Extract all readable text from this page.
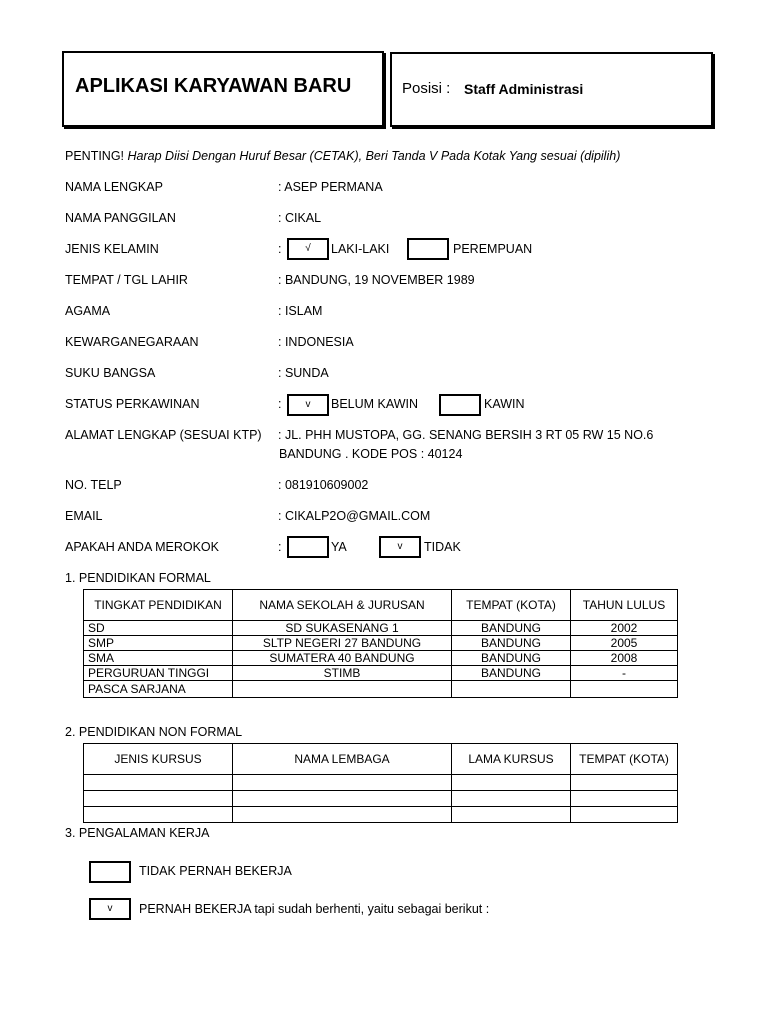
APLIKASI KARYAWAN BARU	Posisi : Staff Administrasi
PENTING! Harap Diisi Dengan Huruf Besar (CETAK), Beri Tanda V Pada Kotak Yang sesuai (dipilih)
NAMA LENGKAP	: ASEP PERMANA
NAMA PANGGILAN	: CIKAL
JENIS KELAMIN	:	√	LAKI-LAKI	PEREMPUAN
TEMPAT / TGL LAHIR	: BANDUNG, 19 NOVEMBER 1989
AGAMA	: ISLAM
KEWARGANEGARAAN	: INDONESIA
SUKU BANGSA	: SUNDA
STATUS PERKAWINAN	:	v	BELUM KAWIN	KAWIN
ALAMAT LENGKAP (SESUAI KTP) : JL. PHH MUSTOPA, GG. SENANG BERSIH 3 RT 05 RW 15 NO.6
BANDUNG . KODE POS : 40124
NO. TELP	: 081910609002
EMAIL	: CIKALP2O@GMAIL.COM
APAKAH ANDA MEROKOK	:	YA	v	TIDAK
1. PENDIDIKAN FORMAL
TINGKAT PENDIDIKAN	NAMA SEKOLAH & JURUSAN	TEMPAT (KOTA)	TAHUN LULUS
SD	SD SUKASENANG 1	BANDUNG	2002
SMP	SLTP NEGERI 27 BANDUNG	BANDUNG	2005
SMA	SUMATERA 40 BANDUNG	BANDUNG	2008
PERGURUAN TINGGI	STIMB	BANDUNG	-
PASCA SARJANA			
2. PENDIDIKAN NON FORMAL
JENIS KURSUS	NAMA LEMBAGA	LAMA KURSUS	TEMPAT (KOTA)

3. PENGALAMAN KERJA
TIDAK PERNAH BEKERJA
v	PERNAH BEKERJA tapi sudah berhenti, yaitu sebagai berikut :
